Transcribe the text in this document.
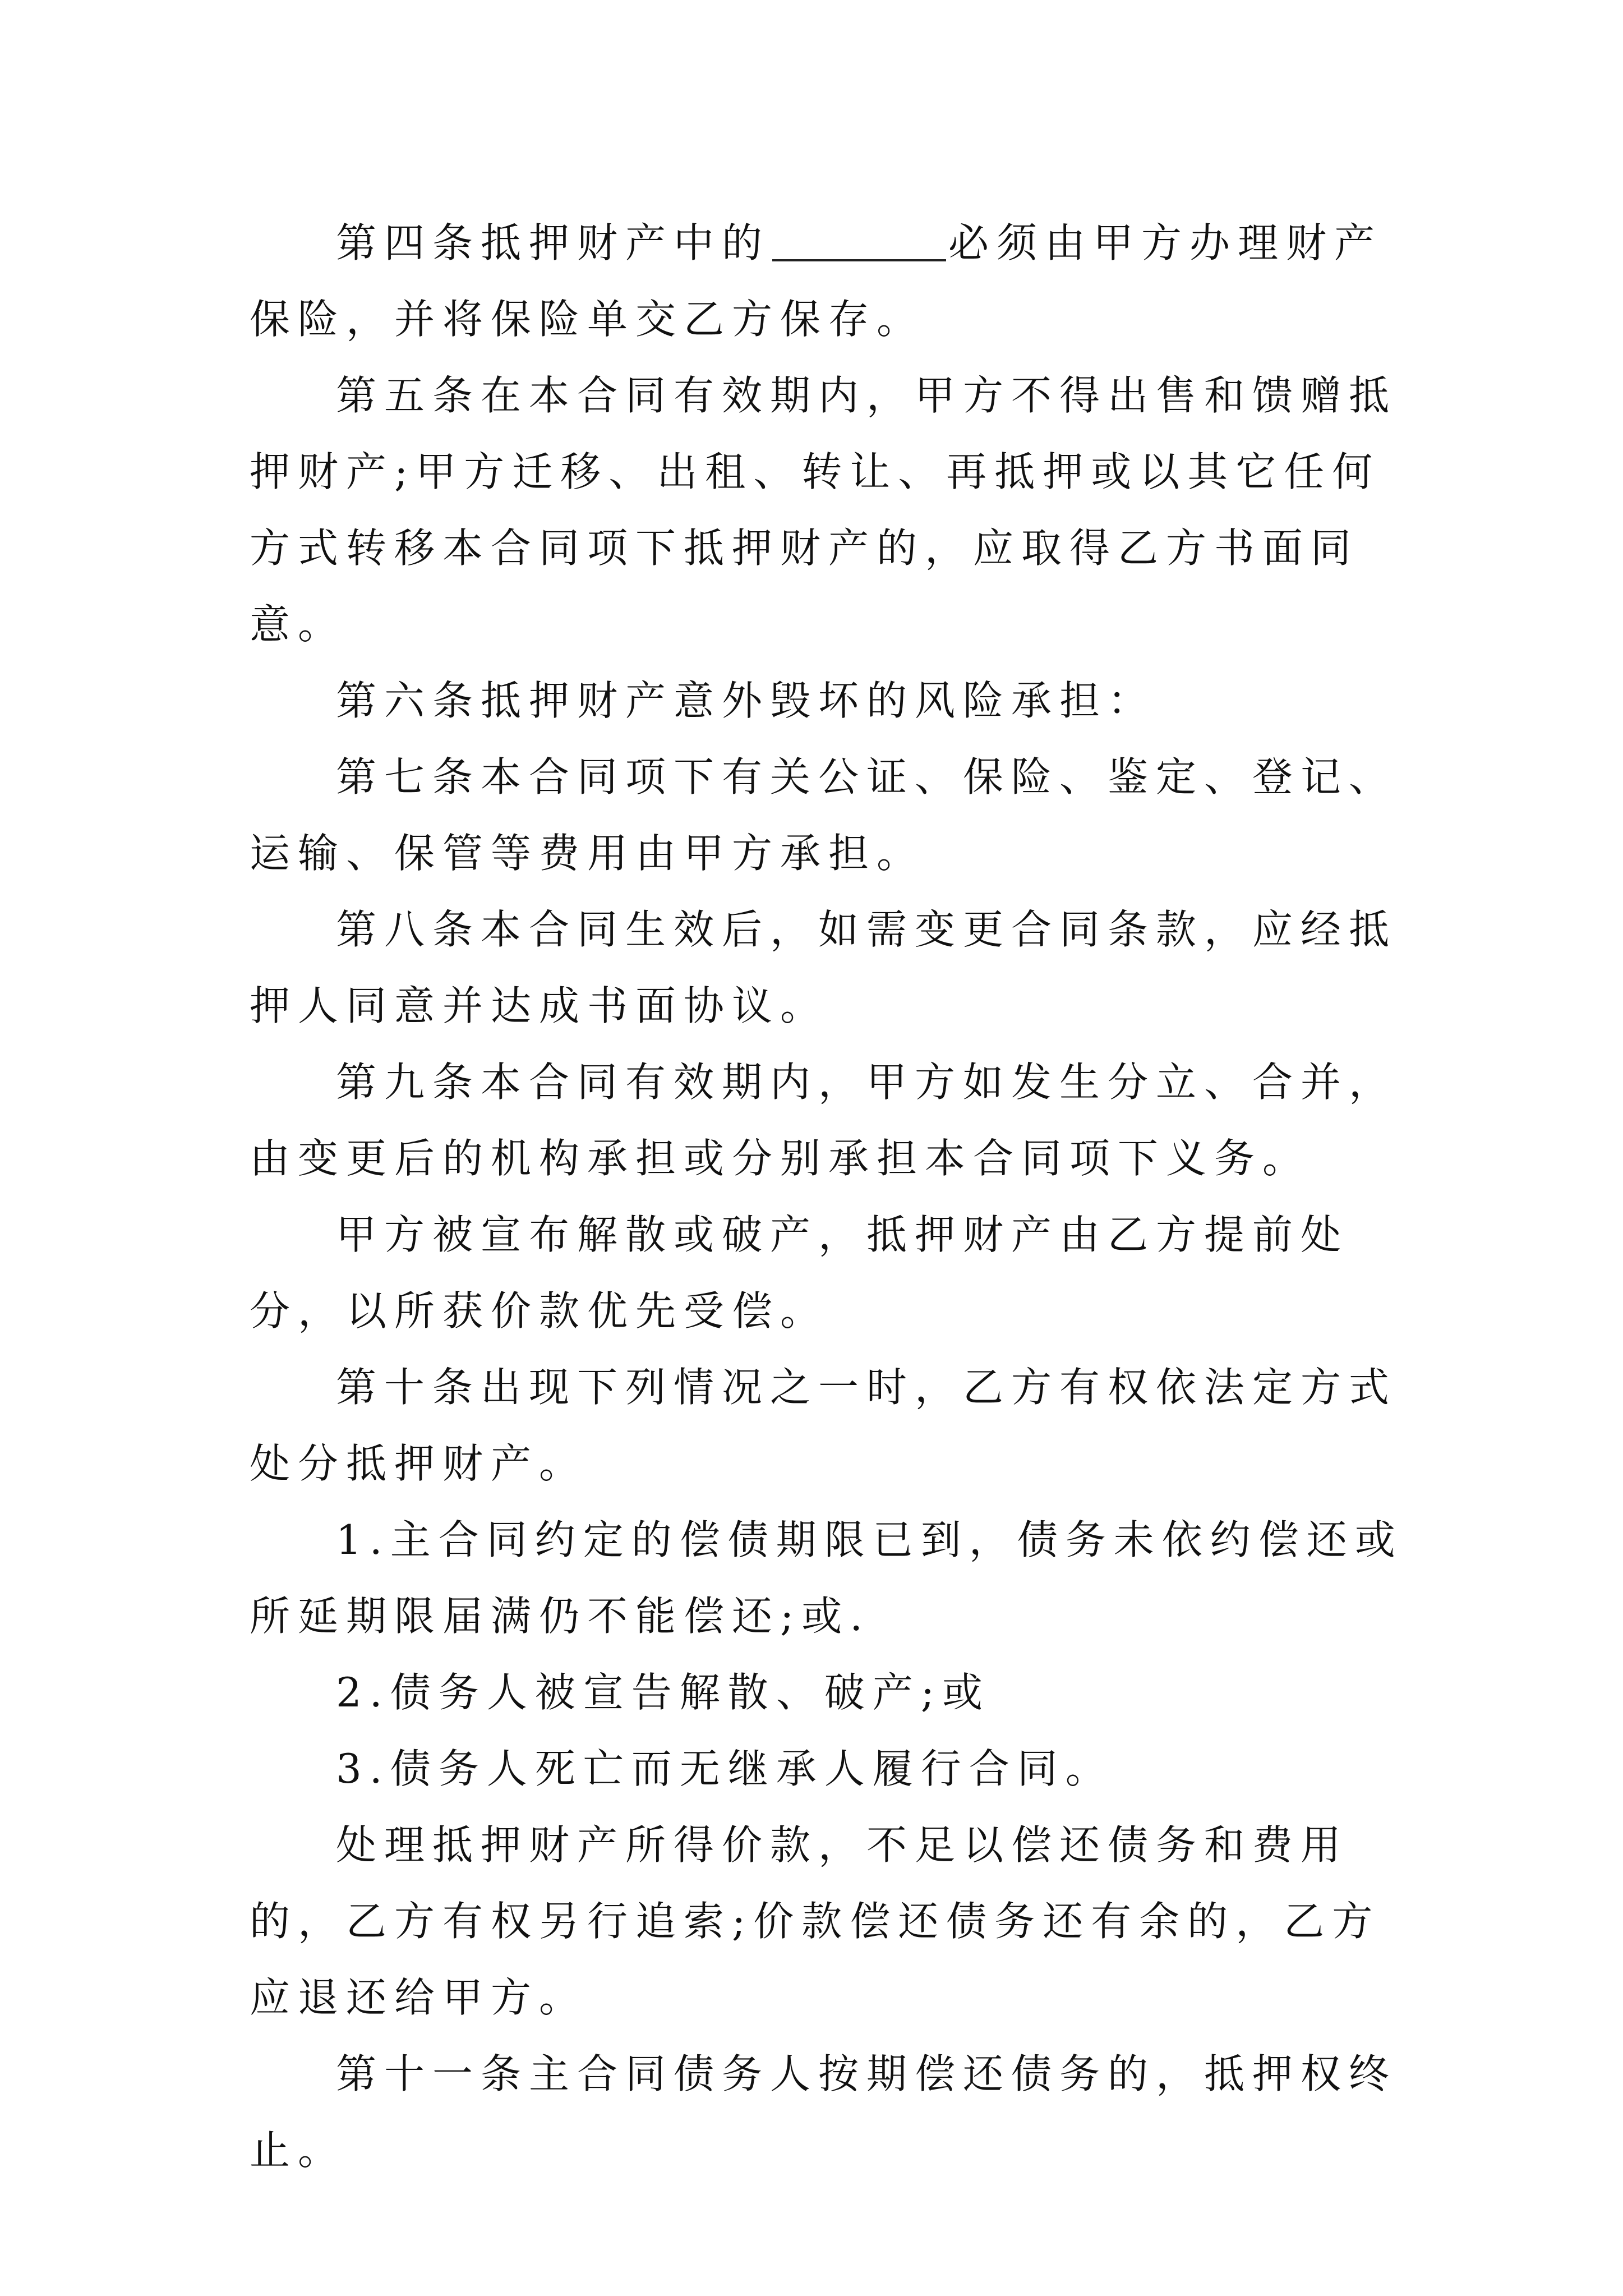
第四条抵押财产中的	必须由甲方办理财产保险，并将保险单交乙方保存。

第五条在本合同有效期内，甲方不得出售和馈赠抵押财产;甲方迁移、出租、转让、再抵押或以其它任何方式转移本合同项下抵押财产的，应取得乙方书面同意。

第六条抵押财产意外毁坏的风险承担：

第七条本合同项下有关公证、保险、鉴定、登记、运输、保管等费用由甲方承担。

第八条本合同生效后，如需变更合同条款，应经抵押人同意并达成书面协议。

第九条本合同有效期内，甲方如发生分立、合并，由变更后的机构承担或分别承担本合同项下义务。

甲方被宣布解散或破产，抵押财产由乙方提前处分，以所获价款优先受偿。

第十条出现下列情况之一时，乙方有权依法定方式处分抵押财产。

1.主合同约定的偿债期限已到，债务未依约偿还或所延期限届满仍不能偿还;或.

2.债务人被宣告解散、破产;或

3.债务人死亡而无继承人履行合同。

处理抵押财产所得价款，不足以偿还债务和费用的，乙方有权另行追索;价款偿还债务还有余的，乙方应退还给甲方。

第十一条主合同债务人按期偿还债务的，抵押权终止。
